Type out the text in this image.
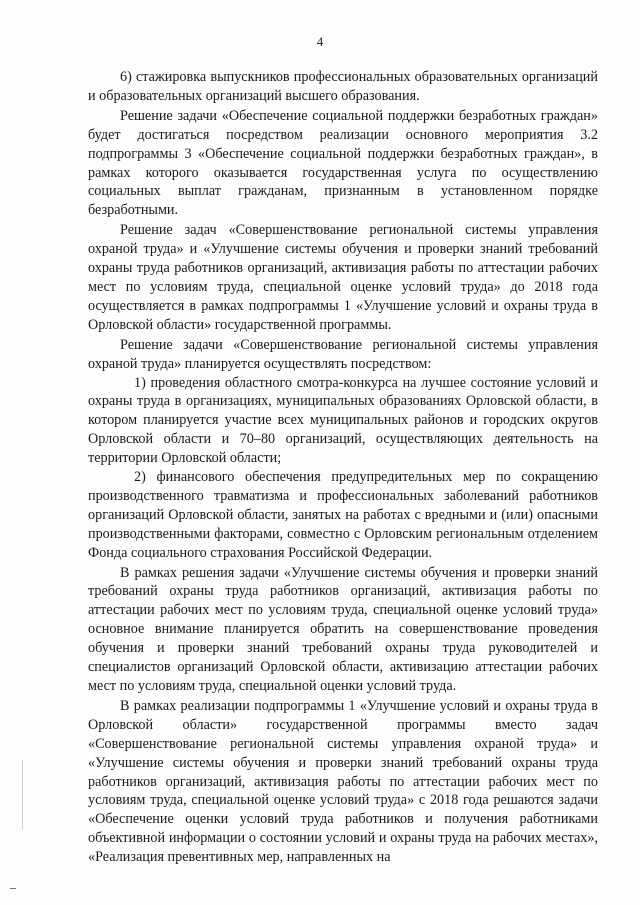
4

6) стажировка выпускников профессиональных образовательных организаций и образовательных организаций высшего образования.

Решение задачи «Обеспечение социальной поддержки безработных граждан» будет достигаться посредством реализации основного мероприятия 3.2 подпрограммы 3 «Обеспечение социальной поддержки безработных граждан», в рамках которого оказывается государственная услуга по осуществлению социальных выплат гражданам, признанным в установленном порядке безработными.

Решение задач «Совершенствование региональной системы управления охраной труда» и «Улучшение системы обучения и проверки знаний требований охраны труда работников организаций, активизация работы по аттестации рабочих мест по условиям труда, специальной оценке условий труда» до 2018 года осуществляется в рамках подпрограммы 1 «Улучшение условий и охраны труда в Орловской области» государственной программы.

Решение задачи «Совершенствование региональной системы управления охраной труда» планируется осуществлять посредством:

1) проведения областного смотра-конкурса на лучшее состояние условий и охраны труда в организациях, муниципальных образованиях Орловской области, в котором планируется участие всех муниципальных районов и городских округов Орловской области и 70–80 организаций, осуществляющих деятельность на территории Орловской области;

2) финансового обеспечения предупредительных мер по сокращению производственного травматизма и профессиональных заболеваний работников организаций Орловской области, занятых на работах с вредными и (или) опасными производственными факторами, совместно с Орловским региональным отделением Фонда социального страхования Российской Федерации.

В рамках решения задачи «Улучшение системы обучения и проверки знаний требований охраны труда работников организаций, активизация работы по аттестации рабочих мест по условиям труда, специальной оценке условий труда» основное внимание планируется обратить на совершенствование проведения обучения и проверки знаний требований охраны труда руководителей и специалистов организаций Орловской области, активизацию аттестации рабочих мест по условиям труда, специальной оценки условий труда.

В рамках реализации подпрограммы 1 «Улучшение условий и охраны труда в Орловской области» государственной программы вместо задач «Совершенствование региональной системы управления охраной труда» и «Улучшение системы обучения и проверки знаний требований охраны труда работников организаций, активизация работы по аттестации рабочих мест по условиям труда, специальной оценке условий труда» с 2018 года решаются задачи «Обеспечение оценки условий труда работников и получения работниками объективной информации о состоянии условий и охраны труда на рабочих местах», «Реализация превентивных мер, направленных на
